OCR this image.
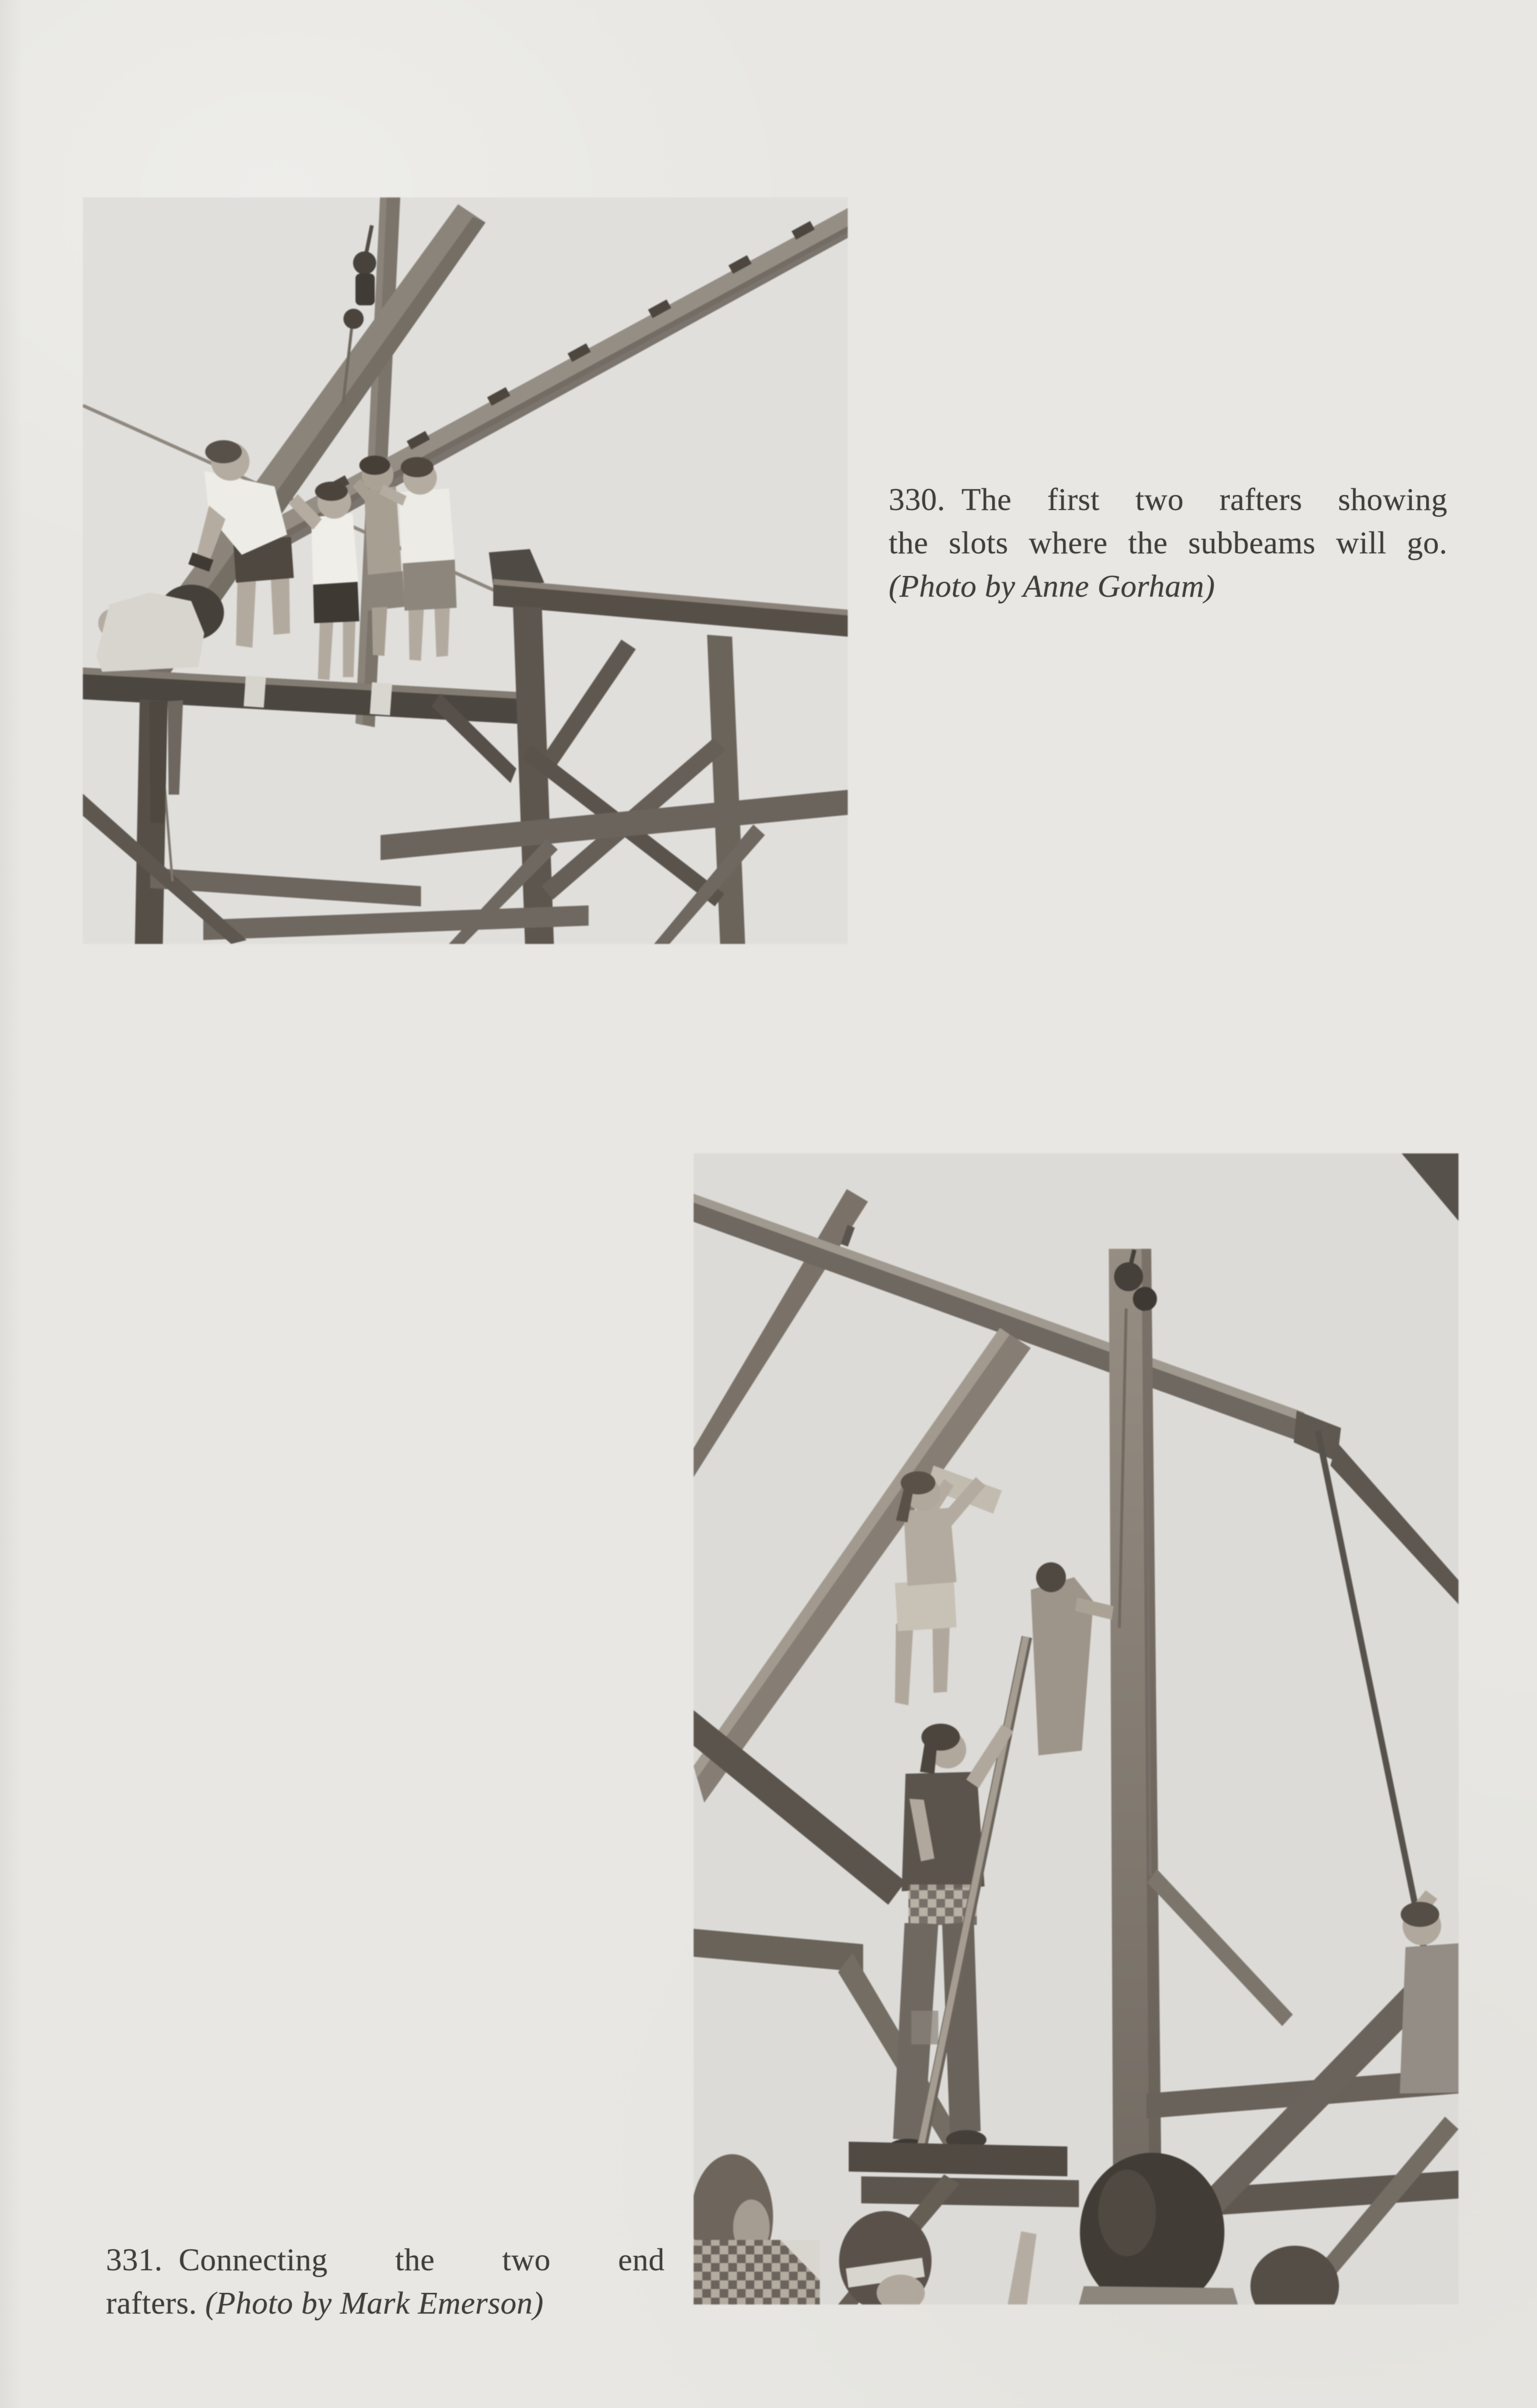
330. The first two rafters showing
the slots where the subbeams will go.
(Photo by Anne Gorham)
331. Connecting the two end
rafters. (Photo by Mark Emerson)
